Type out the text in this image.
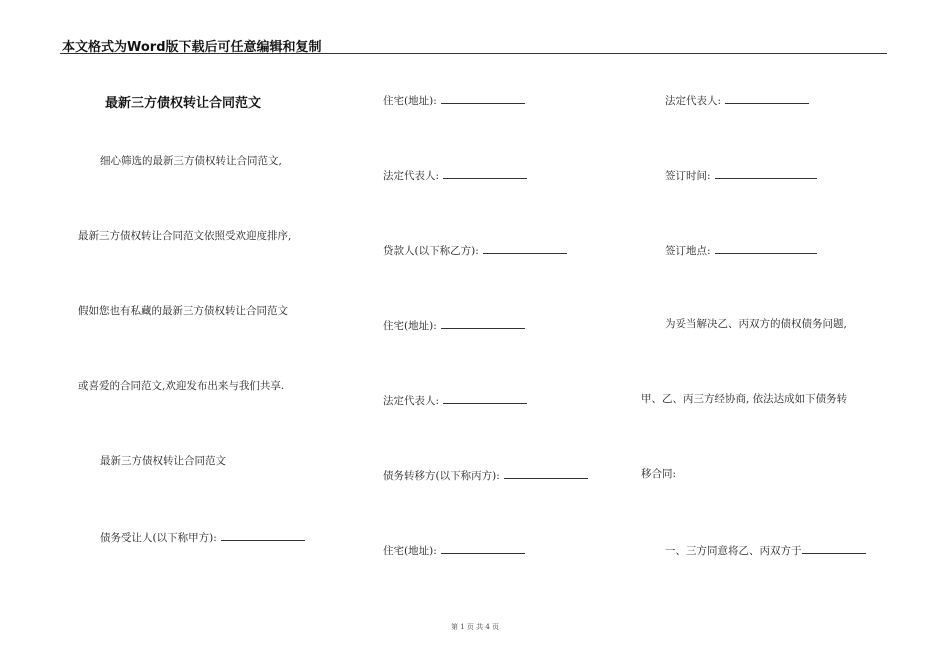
本文格式为Word版下载后可任意编辑和复制
最新三方债权转让合同范文
细心筛选的最新三方债权转让合同范文,
最新三方债权转让合同范文依照受欢迎度排序,
假如您也有私藏的最新三方债权转让合同范文
或喜爱的合同范文,欢迎发布出来与我们共享.
最新三方债权转让合同范文
债务受让人(以下称甲方):
住宅(地址):
法定代表人:
贷款人(以下称乙方):
住宅(地址):
法定代表人:
债务转移方(以下称丙方):
住宅(地址):
法定代表人:
签订时间:
签订地点:
为妥当解决乙、丙双方的债权债务问题,
甲、乙、丙三方经协商, 依法达成如下债务转
移合同:
一、三方同意将乙、丙双方于
第 1 页 共 4 页
